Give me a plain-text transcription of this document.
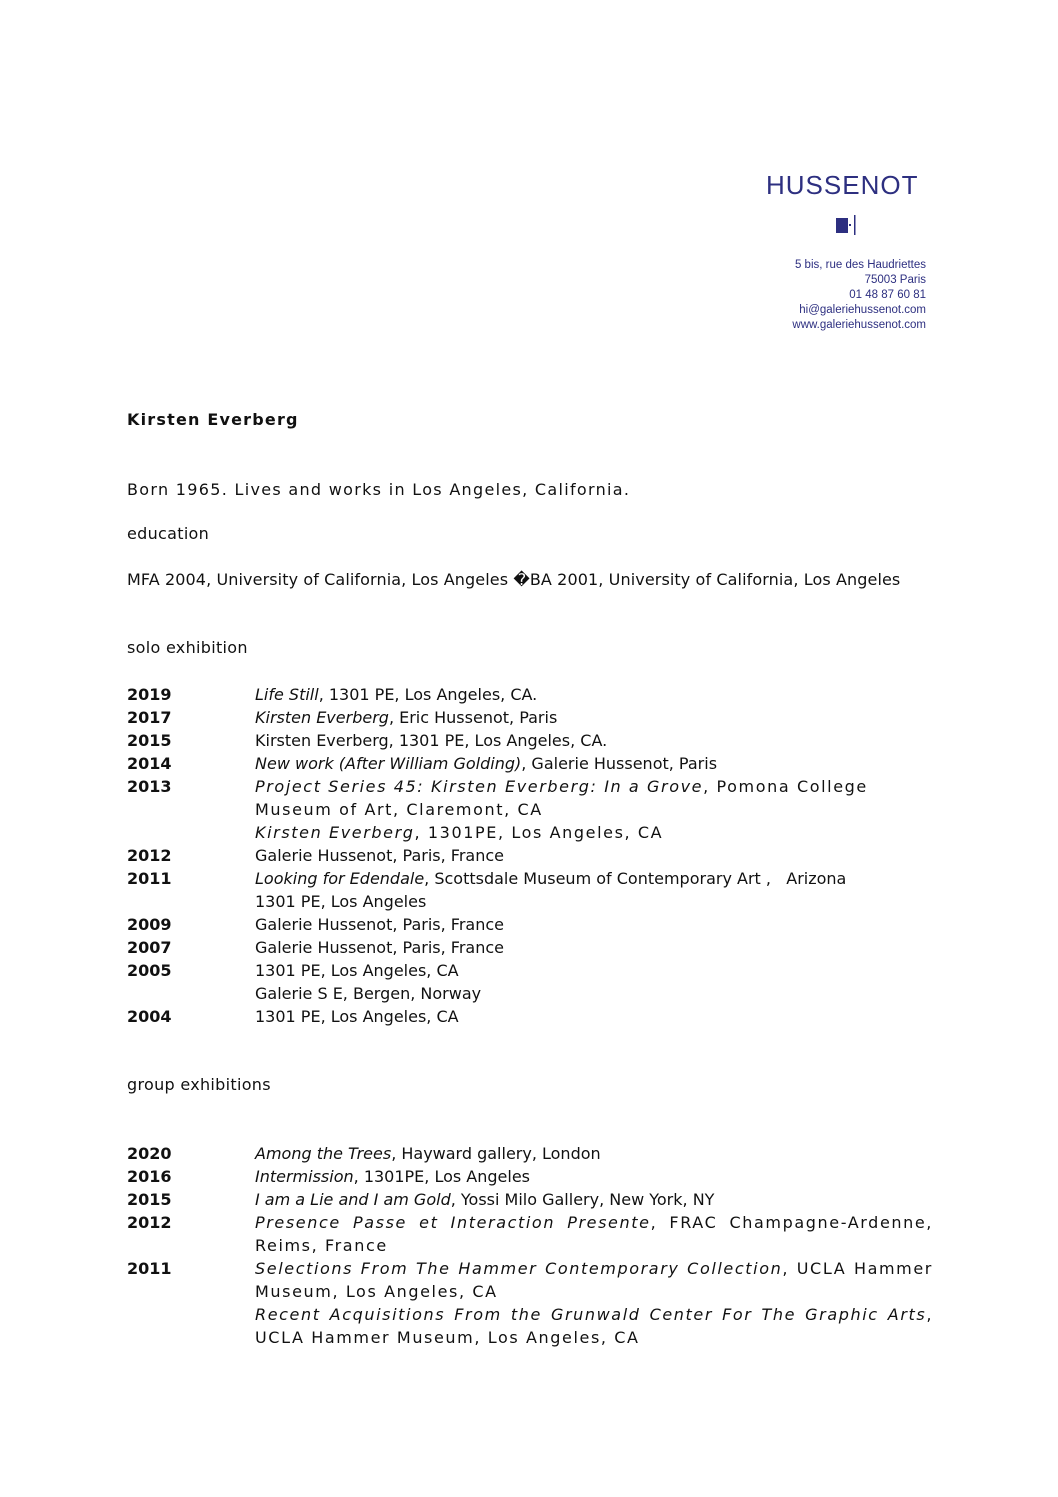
HUSSENOT
5 bis, rue des Haudriettes
75003 Paris
01 48 87 60 81
hi@galeriehussenot.com
www.galeriehussenot.com
Kirsten Everberg
Born 1965. Lives and works in Los Angeles, California.
education
MFA 2004, University of California, Los Angeles �BA 2001, University of California, Los Angeles
solo exhibition
2019	Life Still, 1301 PE, Los Angeles, CA.
2017	Kirsten Everberg, Eric Hussenot, Paris
2015	Kirsten Everberg, 1301 PE, Los Angeles, CA.
2014	New work (After William Golding), Galerie Hussenot, Paris
2013	Project Series 45: Kirsten Everberg: In a Grove, Pomona College Museum of Art, Claremont, CA
Kirsten Everberg, 1301PE, Los Angeles, CA
2012	Galerie Hussenot, Paris, France
2011	Looking for Edendale, Scottsdale Museum of Contemporary Art ,   Arizona
1301 PE, Los Angeles
2009	Galerie Hussenot, Paris, France
2007	Galerie Hussenot, Paris, France
2005	1301 PE, Los Angeles, CA
Galerie S E, Bergen, Norway
2004	1301 PE, Los Angeles, CA
group exhibitions
2020	Among the Trees, Hayward gallery, London
2016	Intermission, 1301PE, Los Angeles
2015	I am a Lie and I am Gold, Yossi Milo Gallery, New York, NY
2012	Presence Passe et Interaction Presente, FRAC Champagne-Ardenne, Reims, France
2011	Selections From The Hammer Contemporary Collection, UCLA Hammer Museum, Los Angeles, CA
Recent Acquisitions From the Grunwald Center For The Graphic Arts, UCLA Hammer Museum, Los Angeles, CA
